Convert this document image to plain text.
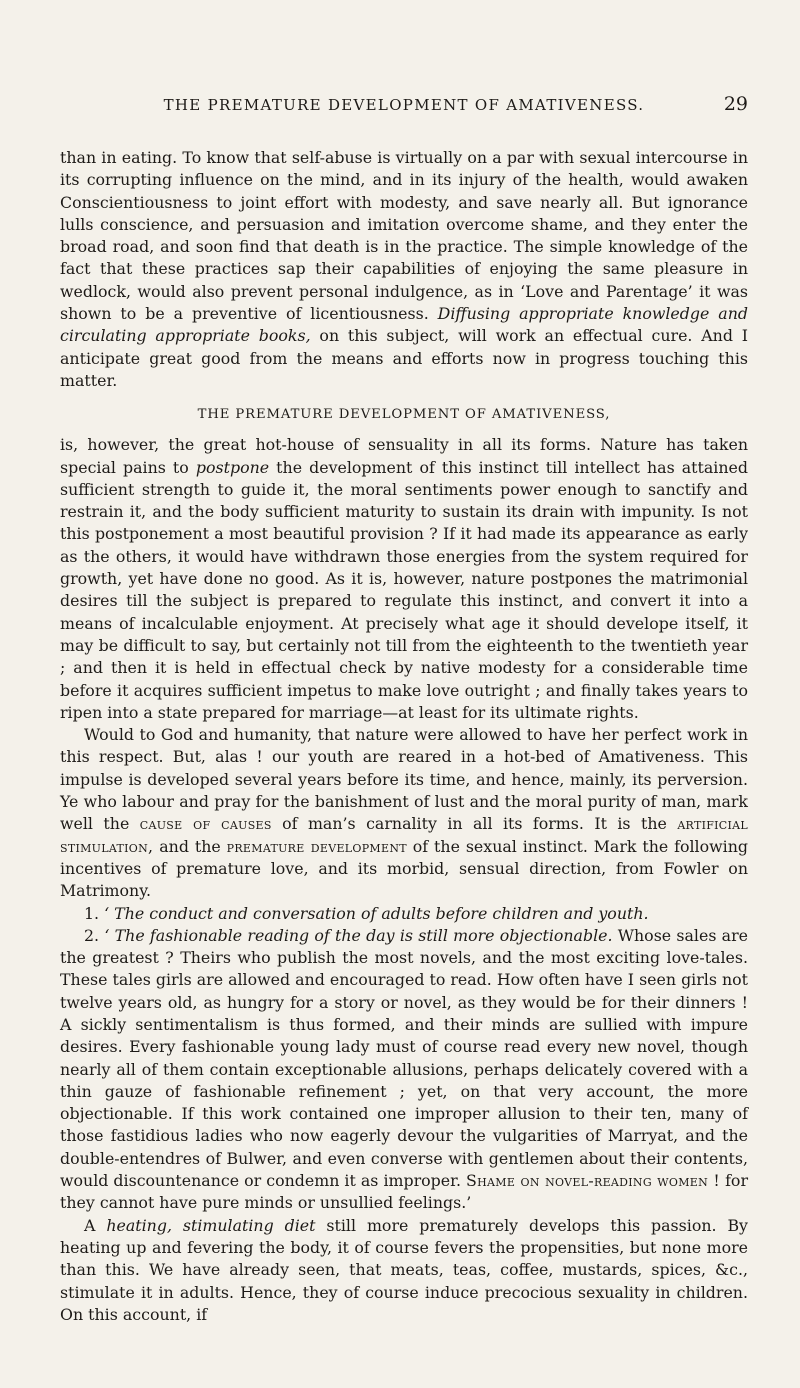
THE PREMATURE DEVELOPMENT OF AMATIVENESS.	29

than in eating. To know that self-abuse is virtually on a par with sexual intercourse in its corrupting influence on the mind, and in its injury of the health, would awaken Conscientiousness to joint effort with modesty, and save nearly all. But ignorance lulls conscience, and persuasion and imitation overcome shame, and they enter the broad road, and soon find that death is in the practice. The simple knowledge of the fact that these practices sap their capabilities of enjoying the same pleasure in wedlock, would also prevent personal indulgence, as in ‘Love and Parentage’ it was shown to be a preventive of licentiousness. Diffusing appropriate knowledge and circulating appropriate books, on this subject, will work an effectual cure. And I anticipate great good from the means and efforts now in progress touching this matter.

THE PREMATURE DEVELOPMENT OF AMATIVENESS,

is, however, the great hot-house of sensuality in all its forms. Nature has taken special pains to postpone the development of this instinct till intellect has attained sufficient strength to guide it, the moral sentiments power enough to sanctify and restrain it, and the body sufficient maturity to sustain its drain with impunity. Is not this postponement a most beautiful provision ? If it had made its appearance as early as the others, it would have withdrawn those energies from the system required for growth, yet have done no good. As it is, however, nature postpones the matrimonial desires till the subject is prepared to regulate this instinct, and convert it into a means of incalculable enjoyment. At precisely what age it should develope itself, it may be difficult to say, but certainly not till from the eighteenth to the twentieth year ; and then it is held in effectual check by native modesty for a considerable time before it acquires sufficient impetus to make love outright ; and finally takes years to ripen into a state prepared for marriage—at least for its ultimate rights.

Would to God and humanity, that nature were allowed to have her perfect work in this respect. But, alas ! our youth are reared in a hot-bed of Amativeness. This impulse is developed several years before its time, and hence, mainly, its perversion. Ye who labour and pray for the banishment of lust and the moral purity of man, mark well the cause of causes of man’s carnality in all its forms. It is the artificial stimulation, and the premature development of the sexual instinct. Mark the following incentives of premature love, and its morbid, sensual direction, from Fowler on Matrimony.

1. ‘ The conduct and conversation of adults before children and youth.

2. ‘ The fashionable reading of the day is still more objectionable. Whose sales are the greatest ? Theirs who publish the most novels, and the most exciting love-tales. These tales girls are allowed and encouraged to read. How often have I seen girls not twelve years old, as hungry for a story or novel, as they would be for their dinners ! A sickly sentimentalism is thus formed, and their minds are sullied with impure desires. Every fashionable young lady must of course read every new novel, though nearly all of them contain exceptionable allusions, perhaps delicately covered with a thin gauze of fashionable refinement ; yet, on that very account, the more objectionable. If this work contained one improper allusion to their ten, many of those fastidious ladies who now eagerly devour the vulgarities of Marryat, and the double-entendres of Bulwer, and even converse with gentlemen about their contents, would discountenance or condemn it as improper. Shame on novel-reading women ! for they cannot have pure minds or unsullied feelings.’

A heating, stimulating diet still more prematurely develops this passion. By heating up and fevering the body, it of course fevers the propensities, but none more than this. We have already seen, that meats, teas, coffee, mustards, spices, &c., stimulate it in adults. Hence, they of course induce precocious sexuality in children. On this account, if
